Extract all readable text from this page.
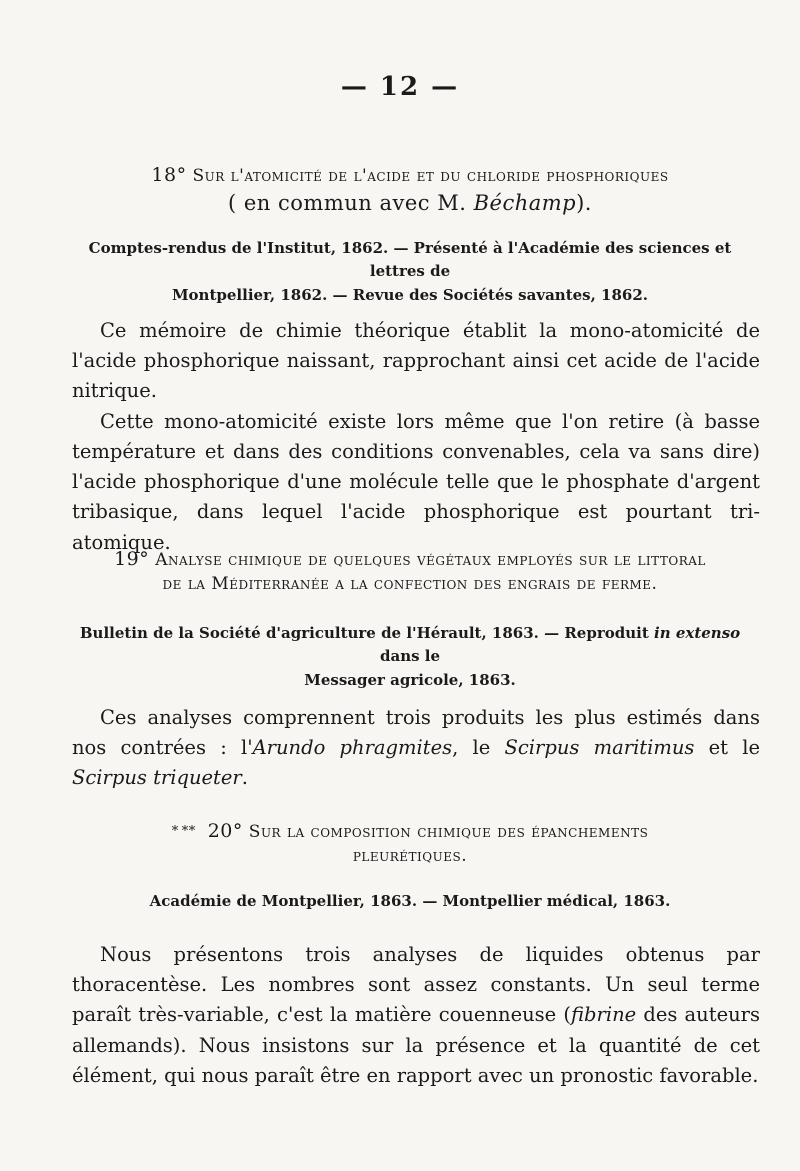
— 12 —
18° Sur l'atomicité de l'acide et du chloride phosphoriques
( en commun avec M. Béchamp).
Comptes-rendus de l'Institut, 1862. — Présenté à l'Académie des sciences et lettres de
Montpellier, 1862. — Revue des Sociétés savantes, 1862.

Ce mémoire de chimie théorique établit la mono-atomicité de l'acide phosphorique naissant, rapprochant ainsi cet acide de l'acide nitrique.

Cette mono-atomicité existe lors même que l'on retire (à basse température et dans des conditions convenables, cela va sans dire) l'acide phosphorique d'une molécule telle que le phosphate d'argent tribasique, dans lequel l'acide phosphorique est pourtant tri-atomique.

19° Analyse chimique de quelques végétaux employés sur le littoral
de la Méditerranée a la confection des engrais de ferme.
Bulletin de la Société d'agriculture de l'Hérault, 1863. — Reproduit in extenso dans le
Messager agricole, 1863.

Ces analyses comprennent trois produits les plus estimés dans nos contrées : l'Arundo phragmites, le Scirpus maritimus et le Scirpus triqueter.

* ** 20° Sur la composition chimique des épanchements
pleurétiques.
Académie de Montpellier, 1863. — Montpellier médical, 1863.

Nous présentons trois analyses de liquides obtenus par thoracentèse. Les nombres sont assez constants. Un seul terme paraît très-variable, c'est la matière couenneuse (fibrine des auteurs allemands). Nous insistons sur la présence et la quantité de cet élément, qui nous paraît être en rapport avec un pronostic favorable.
